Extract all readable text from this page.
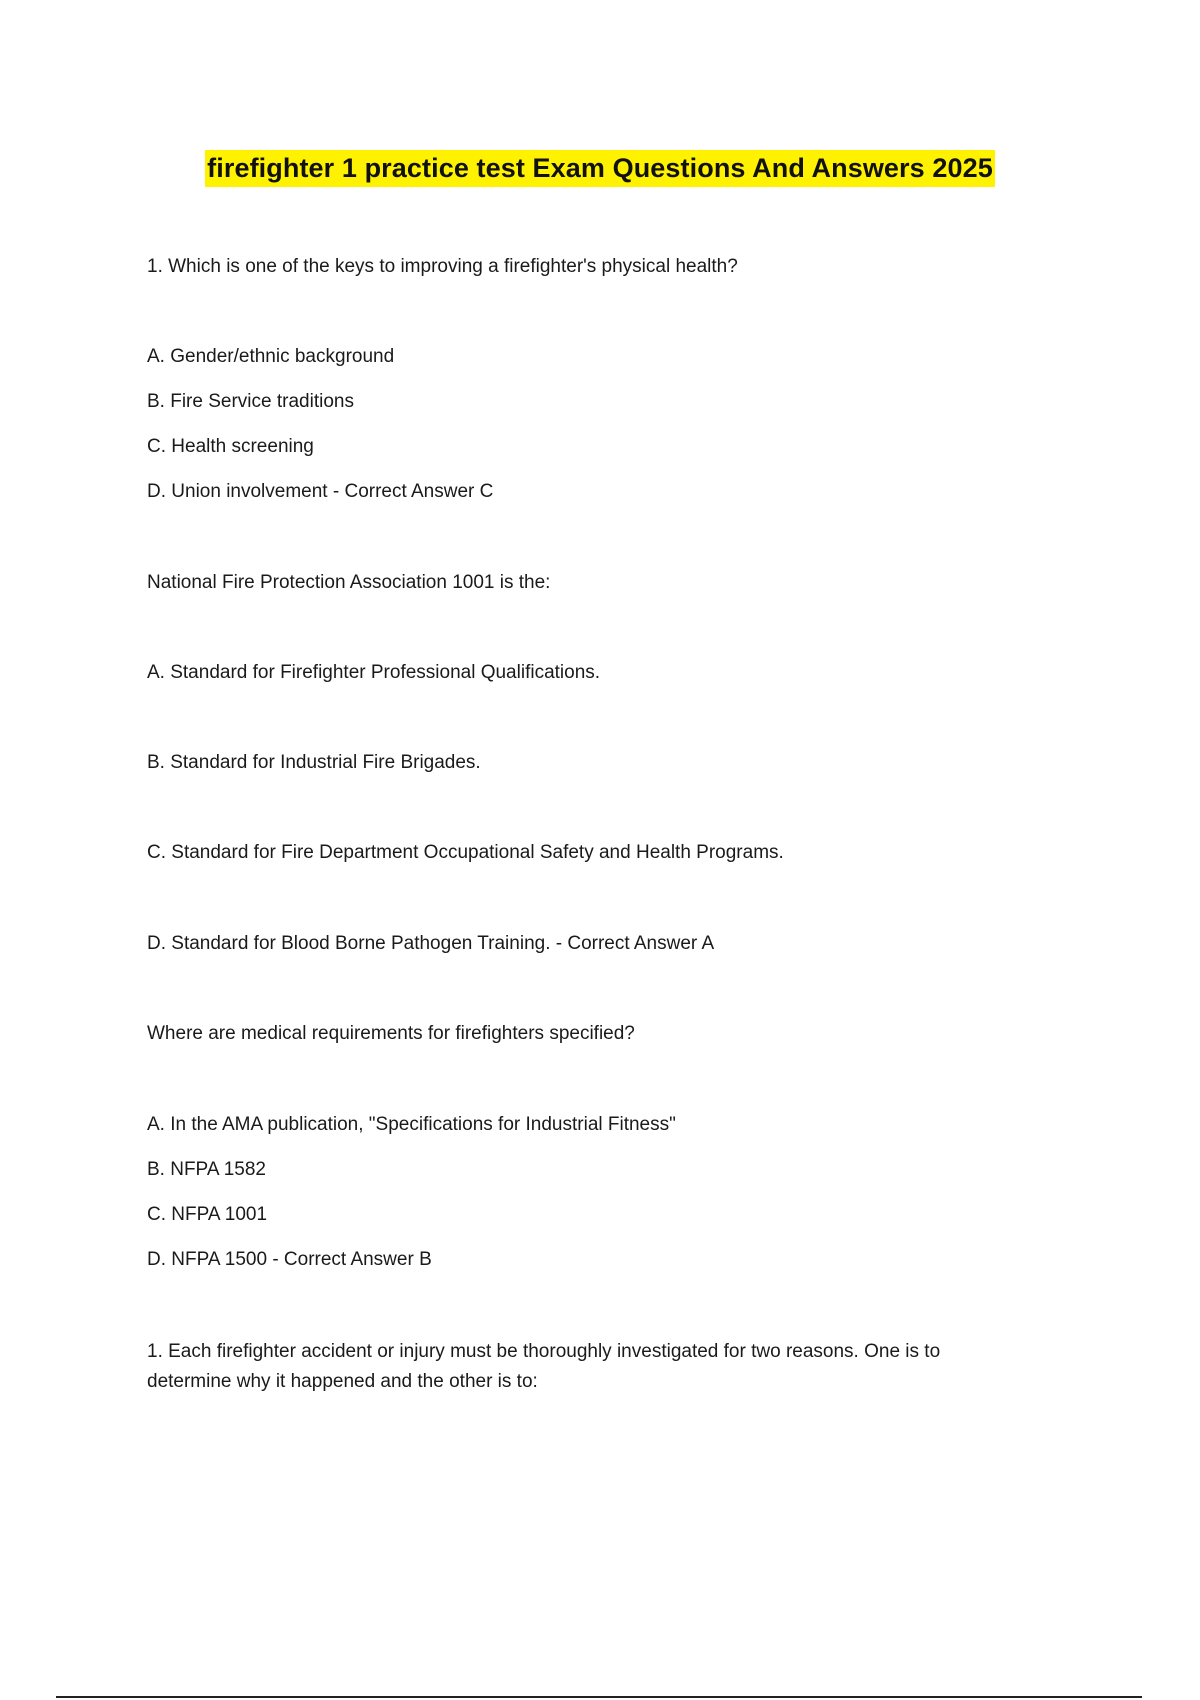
firefighter 1 practice test Exam Questions And Answers 2025
1. Which is one of the keys to improving a firefighter's physical health?
A. Gender/ethnic background
B. Fire Service traditions
C. Health screening
D. Union involvement - Correct Answer C
National Fire Protection Association 1001 is the:
A. Standard for Firefighter Professional Qualifications.
B. Standard for Industrial Fire Brigades.
C. Standard for Fire Department Occupational Safety and Health Programs.
D. Standard for Blood Borne Pathogen Training. - Correct Answer A
Where are medical requirements for firefighters specified?
A. In the AMA publication, "Specifications for Industrial Fitness"
B. NFPA 1582
C. NFPA 1001
D. NFPA 1500 - Correct Answer B
1. Each firefighter accident or injury must be thoroughly investigated for two reasons. One is to determine why it happened and the other is to:
